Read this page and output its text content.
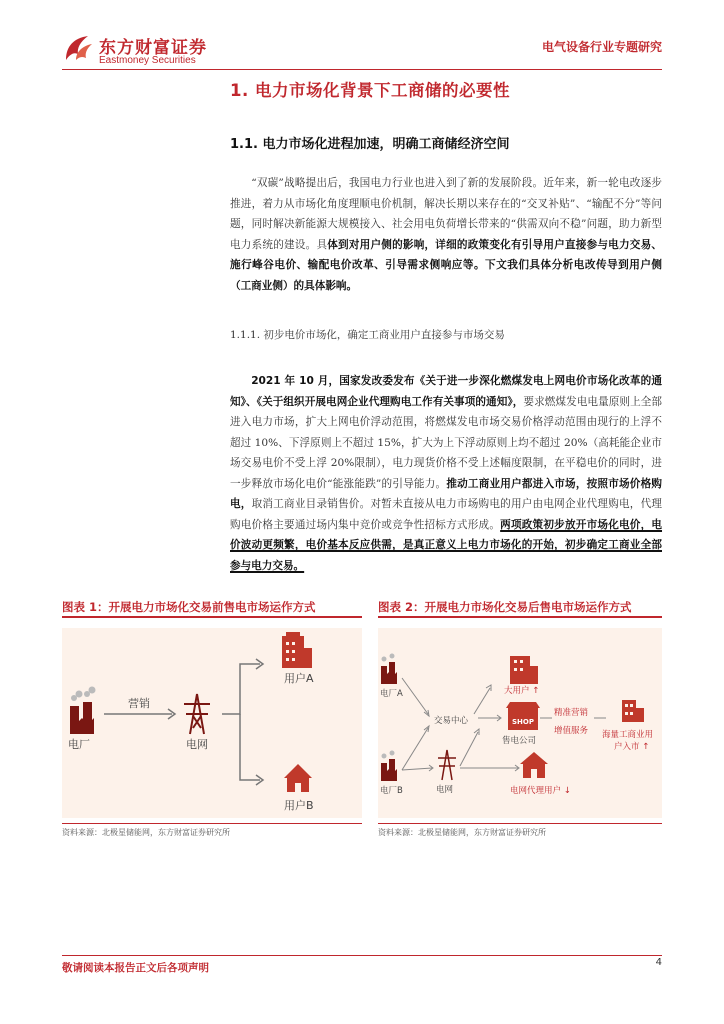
东方财富证券
Eastmoney Securities
电气设备行业专题研究
1. 电力市场化背景下工商储的必要性
1.1. 电力市场化进程加速，明确工商储经济空间
“双碳”战略提出后，我国电力行业也进入到了新的发展阶段。近年来，新一轮电改逐步推进，着力从市场化角度理顺电价机制，解决长期以来存在的“交叉补贴”、“输配不分”等问题，同时解决新能源大规模接入、社会用电负荷增长带来的“供需双向不稳”问题，助力新型电力系统的建设。具体到对用户侧的影响，详细的政策变化有引导用户直接参与电力交易、施行峰谷电价、输配电价改革、引导需求侧响应等。下文我们具体分析电改传导到用户侧（工商业侧）的具体影响。
1.1.1. 初步电价市场化，确定工商业用户直接参与市场交易
2021 年 10 月，国家发改委发布《关于进一步深化燃煤发电上网电价市场化改革的通知》、《关于组织开展电网企业代理购电工作有关事项的通知》，要求燃煤发电电量原则上全部进入电力市场，扩大上网电价浮动范围，将燃煤发电市场交易价格浮动范围由现行的上浮不超过 10%、下浮原则上不超过 15%，扩大为上下浮动原则上均不超过 20%（高耗能企业市场交易电价不受上浮 20%限制），电力现货价格不受上述幅度限制，在平稳电价的同时，进一步释放市场化电价“能涨能跌”的引导能力。推动工商业用户都进入市场，按照市场价格购电，取消工商业目录销售价。对暂未直接从电力市场购电的用户由电网企业代理购电，代理购电价格主要通过场内集中竞价或竞争性招标方式形成。两项政策初步放开市场化电价，电价波动更频繁，电价基本反应供需，是真正意义上电力市场化的开始，初步确定工商业全部参与电力交易。
图表 1：开展电力市场化交易前售电市场运作方式
电厂
营销
电网
用户A
用户B
资料来源：北极星储能网，东方财富证券研究所
图表 2：开展电力市场化交易后售电市场运作方式
电厂A
电厂B	电网
交易中心
大用户 ↑
SHOP
售电公司
精准营销
增值服务 海量工商业用
户入市 ↑
电网代理用户 ↓
资料来源：北极星储能网，东方财富证券研究所
敬请阅读本报告正文后各项声明	4
